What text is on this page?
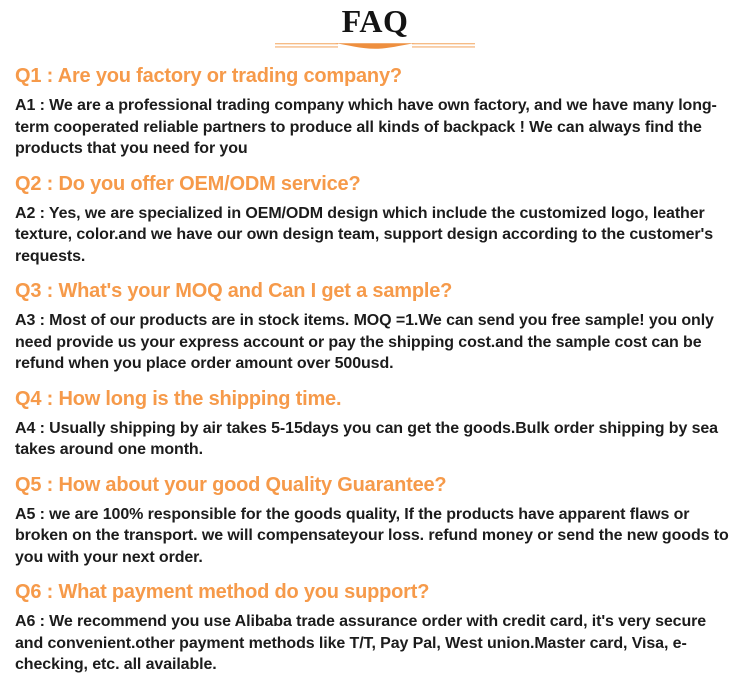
FAQ
Q1 : Are you factory or trading company?

A1 : We are a professional trading company which have own factory, and we have many long-term cooperated reliable partners to produce all kinds of backpack ! We can always find the products that you need for you

Q2 : Do you offer OEM/ODM service?

A2 : Yes, we are specialized in OEM/ODM design which include the customized logo, leather texture, color.and we have our own design team, support design according to the customer's requests.

Q3 : What's your MOQ and Can I get a sample?

A3 : Most of our products are in stock items. MOQ =1.We can send you free sample! you only need provide us your express account or pay the shipping cost.and the sample cost can be refund when you place order amount over 500usd.

Q4 : How long is the shipping time.

A4 : Usually shipping by air takes 5-15days you can get the goods.Bulk order shipping by sea takes around one month.

Q5 : How about your good Quality Guarantee?

A5 : we are 100% responsible for the goods quality, If the products have apparent flaws or broken on the transport. we will compensateyour loss. refund money or send the new goods to you with your next order.

Q6 : What payment method do you support?

A6 : We recommend you use Alibaba trade assurance order with credit card, it's very secure and convenient.other payment methods like T/T, Pay Pal, West union.Master card, Visa, e-checking, etc. all available.
